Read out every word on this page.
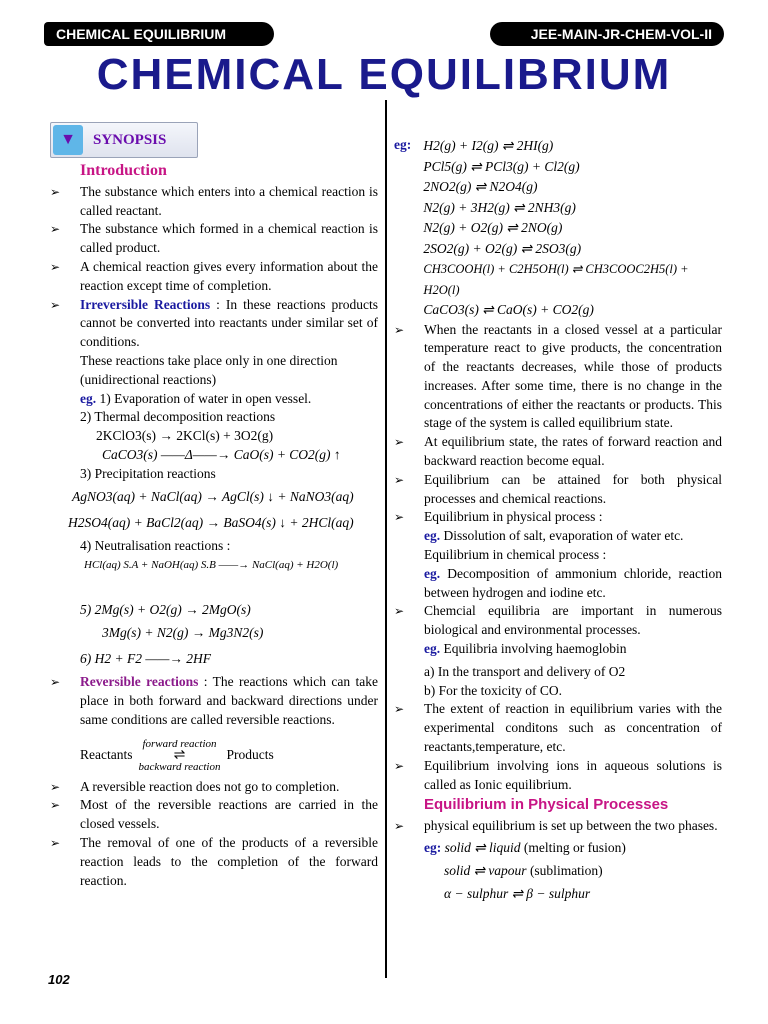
CHEMICAL EQUILIBRIUM	JEE-MAIN-JR-CHEM-VOL-II
CHEMICAL EQUILIBRIUM
▼	SYNOPSIS
Introduction

➢ The substance which enters into a chemical reaction is called reactant.

➢ The substance which formed in a chemical reaction is called product.

➢ A chemical reaction gives every information about the reaction except time of completion.

➢ Irreversible Reactions : In these reactions products cannot be converted into reactants under similar set of conditions.

These reactions take place only in one direction (unidirectional reactions)
eg. 1) Evaporation of water in open vessel.
2) Thermal decomposition reactions
2KClO3(s) → 2KCl(s) + 3O2(g)
CaCO3(s) ——Δ——→ CaO(s) + CO2(g) ↑
3) Precipitation reactions
AgNO3(aq) + NaCl(aq) → AgCl(s) ↓ + NaNO3(aq)
H2SO4(aq) + BaCl2(aq) → BaSO4(s) ↓ + 2HCl(aq)
4) Neutralisation reactions :
HCl(aq) S.A + NaOH(aq) S.B ——→ NaCl(aq) + H2O(l)
5) 2Mg(s) + O2(g) → 2MgO(s)
3Mg(s) + N2(g) → Mg3N2(s)
6) H2 + F2 ——→ 2HF

➢ Reversible reactions : The reactions which can take place in both forward and backward directions under same conditions are called reversible reactions.

Reactants
forward reaction
⇌
backward reaction
Products

➢ A reversible reaction does not go to completion.

➢ Most of the reversible reactions are carried in the closed vessels.

➢ The removal of one of the products of a reversible reaction leads to the completion of the forward reaction.

eg: H2(g) + I2(g) ⇌ 2HI(g)
PCl5(g) ⇌ PCl3(g) + Cl2(g)
2NO2(g) ⇌ N2O4(g)
N2(g) + 3H2(g) ⇌ 2NH3(g)
N2(g) + O2(g) ⇌ 2NO(g)
2SO2(g) + O2(g) ⇌ 2SO3(g)
CH3COOH(l) + C2H5OH(l) ⇌ CH3COOC2H5(l) + H2O(l)
CaCO3(s) ⇌ CaO(s) + CO2(g)

➢ When the reactants in a closed vessel at a particular temperature react to give products, the concentration of the reactants decreases, while those of products increases. After some time, there is no change in the concentrations of either the reactants or products. This stage of the system is called equilibrium state.

➢ At equilibrium state, the rates of forward reaction and backward reaction become equal.

➢ Equilibrium can be attained for both physical processes and chemical reactions.

➢ Equilibrium in physical process :

eg. Dissolution of salt, evaporation of water etc.
Equilibrium in chemical process :
eg. Decomposition of ammonium chloride, reaction between hydrogen and iodine etc.

➢ Chemcial equilibria are important in numerous biological and environmental processes.

eg. Equilibria involving haemoglobin
a) In the transport and delivery of O2
b) For the toxicity of CO.

➢ The extent of reaction in equilibrium varies with the experimental conditons such as concentration of reactants,temperature, etc.

➢ Equilibrium involving ions in aqueous solutions is called as Ionic equilibrium.

Equilibrium in Physical Processes

➢ physical equilibrium is set up between the two phases.

eg: solid ⇌ liquid (melting or fusion)
solid ⇌ vapour (sublimation)
α − sulphur ⇌ β − sulphur
102
